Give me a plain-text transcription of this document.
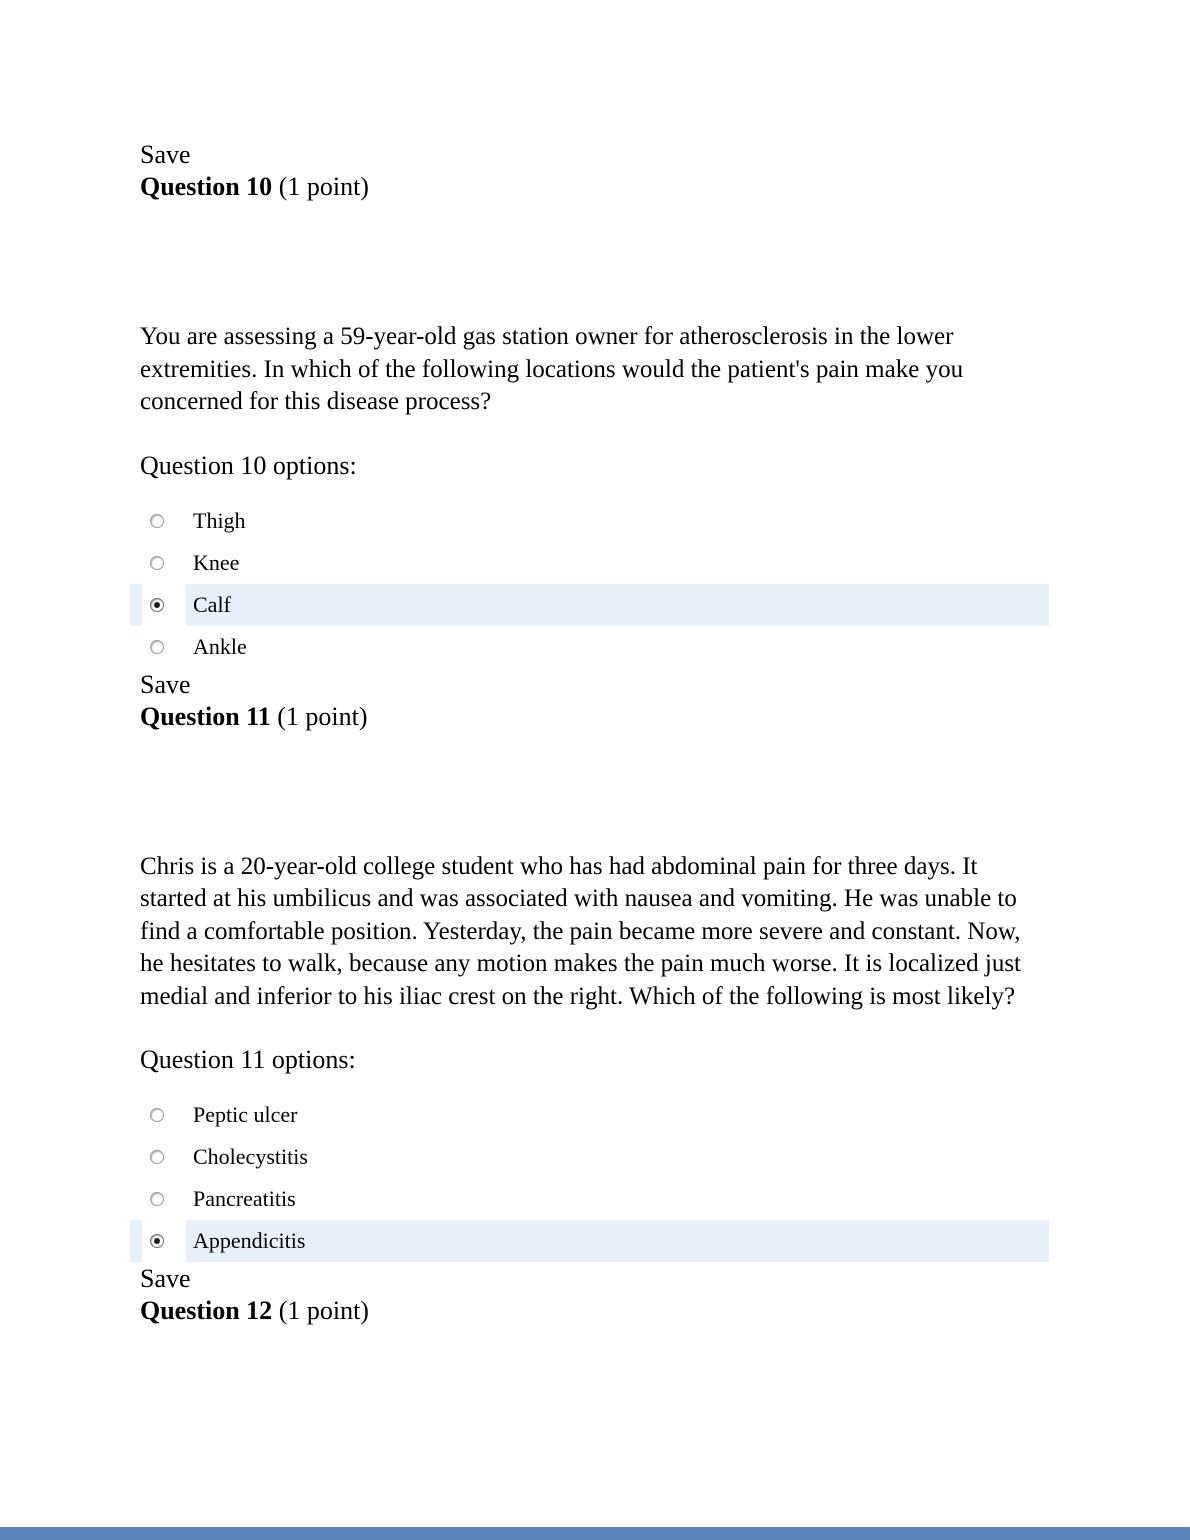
Save
Question 10 (1 point)
You are assessing a 59-year-old gas station owner for atherosclerosis in the lower extremities. In which of the following locations would the patient's pain make you concerned for this disease process?
Question 10 options:
Thigh
Knee
Calf
Ankle
Save
Question 11 (1 point)
Chris is a 20-year-old college student who has had abdominal pain for three days. It started at his umbilicus and was associated with nausea and vomiting. He was unable to find a comfortable position. Yesterday, the pain became more severe and constant. Now, he hesitates to walk, because any motion makes the pain much worse. It is localized just medial and inferior to his iliac crest on the right. Which of the following is most likely?
Question 11 options:
Peptic ulcer
Cholecystitis
Pancreatitis
Appendicitis
Save
Question 12 (1 point)
